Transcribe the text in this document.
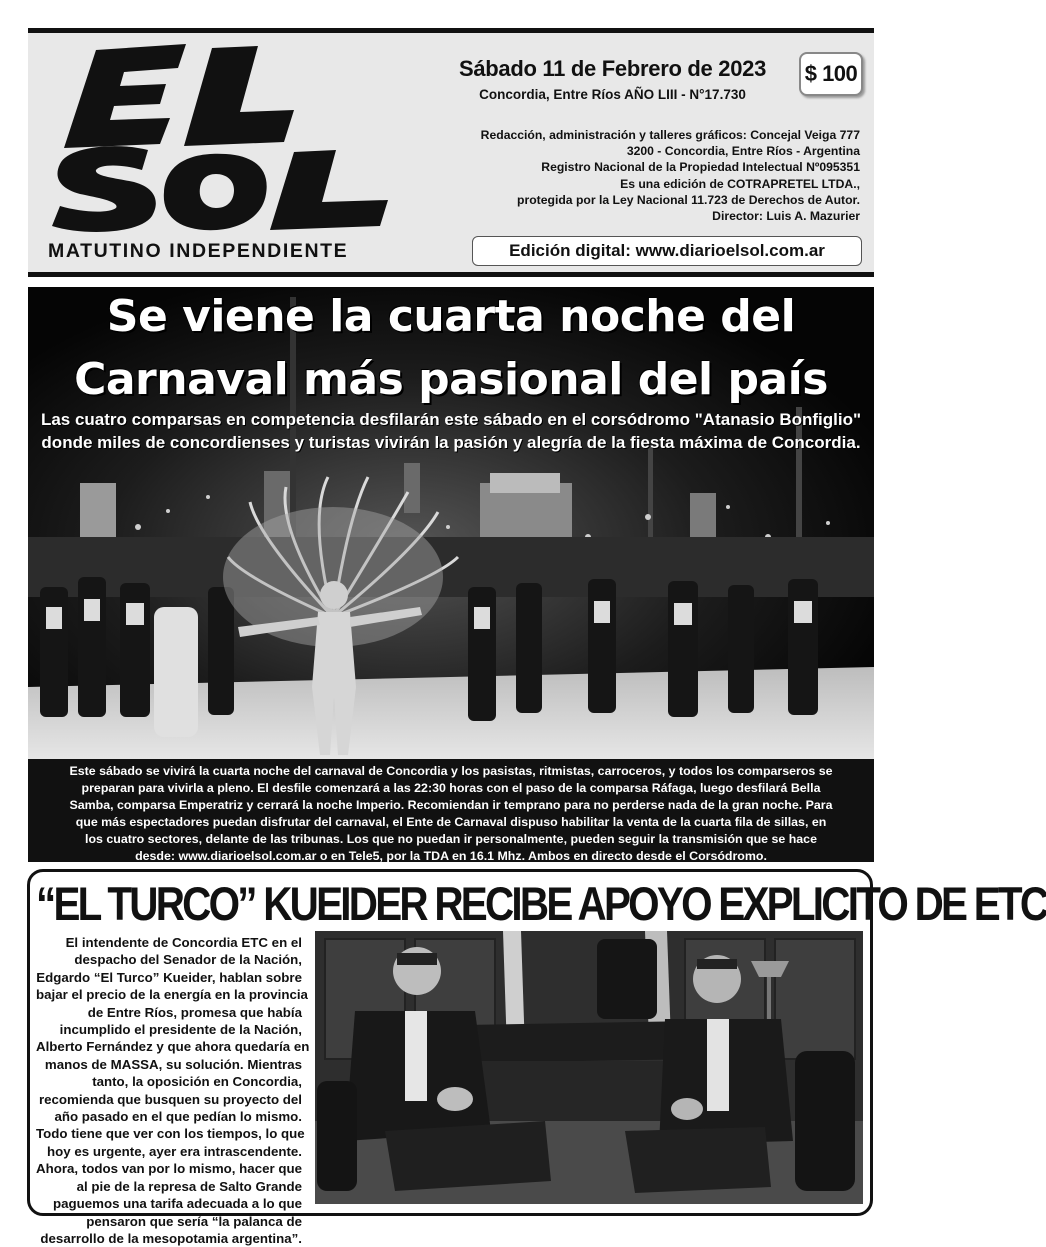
MATUTINO INDEPENDIENTE
Sábado 11 de Febrero de 2023
Concordia, Entre Ríos AÑO LIII - N°17.730
$ 100
Redacción, administración y talleres gráficos: Concejal Veiga 777
3200 - Concordia, Entre Ríos - Argentina
Registro Nacional de la Propiedad Intelectual Nº095351
Es una edición de COTRAPRETEL LTDA.,
protegida por la Ley Nacional 11.723 de Derechos de Autor.
Director: Luis A. Mazurier
Edición digital: www.diarioelsol.com.ar
Se viene la cuarta noche del
Carnaval más pasional del país
Las cuatro comparsas en competencia desfilarán este sábado en el corsódromo "Atanasio Bonfiglio"
donde miles de concordienses y turistas vivirán la pasión y alegría de la fiesta máxima de Concordia.
Este sábado se vivirá la cuarta noche del carnaval de Concordia y los pasistas, ritmistas, carroceros, y todos los comparseros se
preparan para vivirla a pleno. El desfile comenzará a las 22:30 horas con el paso de la comparsa Ráfaga, luego desfilará Bella
Samba, comparsa Emperatriz y cerrará la noche Imperio. Recomiendan ir temprano para no perderse nada de la gran noche. Para
que más espectadores puedan disfrutar del carnaval, el Ente de Carnaval dispuso habilitar la venta de la cuarta fila de sillas, en
los cuatro sectores, delante de las tribunas. Los que no puedan ir personalmente, pueden seguir la transmisión que se hace
desde: www.diarioelsol.com.ar o en Tele5, por la TDA en 16.1 Mhz. Ambos en directo desde el Corsódromo.
“EL TURCO” KUEIDER RECIBE APOYO EXPLICITO DE ETC
El intendente de Concordia ETC en el
despacho del Senador de la Nación,
Edgardo “El Turco” Kueider, hablan sobre
bajar el precio de la energía en la provincia
de Entre Ríos, promesa que había
incumplido el presidente de la Nación,
Alberto Fernández y que ahora quedaría en
manos de MASSA, su solución. Mientras
tanto, la oposición en Concordia,
recomienda que busquen su proyecto del
año pasado en el que pedían lo mismo.
Todo tiene que ver con los tiempos, lo que
hoy es urgente, ayer era intrascendente.
Ahora, todos van por lo mismo, hacer que
al pie de la represa de Salto Grande
paguemos una tarifa adecuada a lo que
pensaron que sería “la palanca de
desarrollo de la mesopotamia argentina”.
